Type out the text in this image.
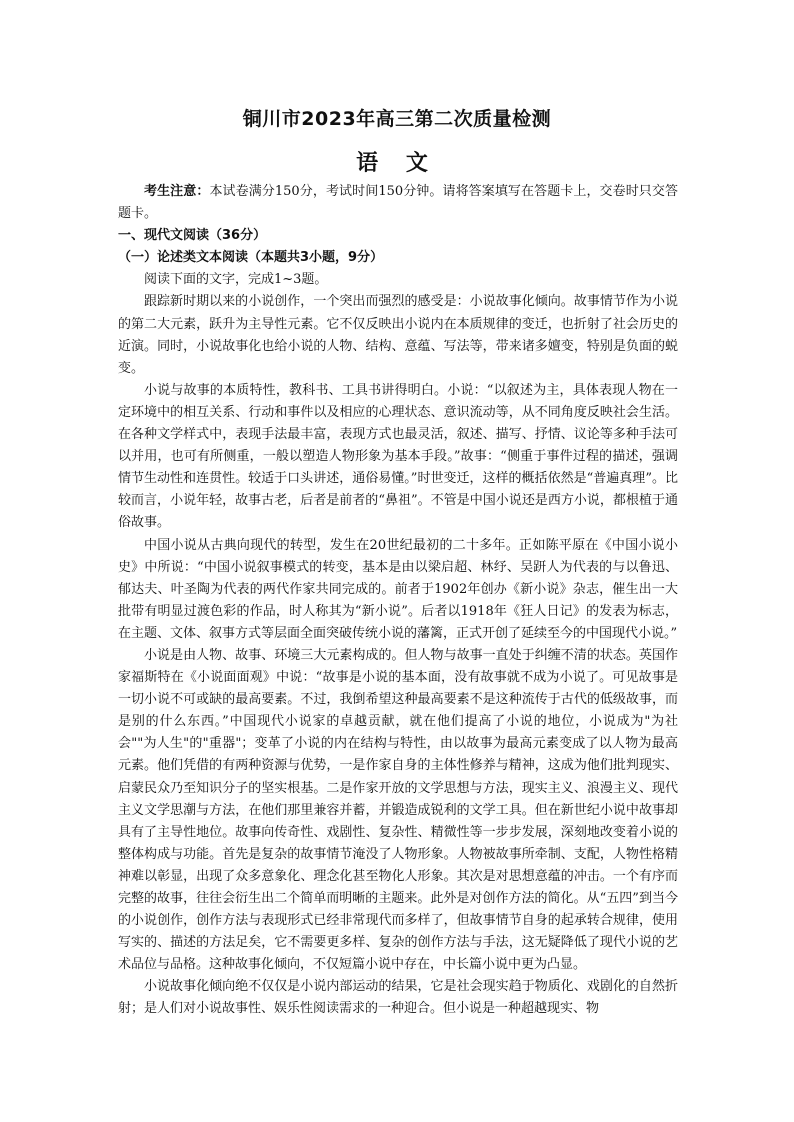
铜川市2023年高三第二次质量检测
语 文

考生注意：本试卷满分150分，考试时间150分钟。请将答案填写在答题卡上，交卷时只交答题卡。

一、现代文阅读（36分）

（一）论述类文本阅读（本题共3小题，9分）

阅读下面的文字，完成1~3题。

跟踪新时期以来的小说创作，一个突出而强烈的感受是：小说故事化倾向。故事情节作为小说的第二大元素，跃升为主导性元素。它不仅反映出小说内在本质规律的变迁，也折射了社会历史的近演。同时，小说故事化也给小说的人物、结构、意蕴、写法等，带来诸多嬗变，特别是负面的蜕变。

小说与故事的本质特性，教科书、工具书讲得明白。小说：“以叙述为主，具体表现人物在一定环境中的相互关系、行动和事件以及相应的心理状态、意识流动等，从不同角度反映社会生活。在各种文学样式中，表现手法最丰富，表现方式也最灵活，叙述、描写、抒情、议论等多种手法可以并用，也可有所侧重，一般以塑造人物形象为基本手段。”故事：“侧重于事件过程的描述，强调情节生动性和连贯性。较适于口头讲述，通俗易懂。”时世变迁，这样的概括依然是“普遍真理”。比较而言，小说年轻，故事古老，后者是前者的“鼻祖”。不管是中国小说还是西方小说，都根植于通俗故事。

中国小说从古典向现代的转型，发生在20世纪最初的二十多年。正如陈平原在《中国小说小史》中所说：“中国小说叙事模式的转变，基本是由以梁启超、林纾、吴趼人为代表的与以鲁迅、郁达夫、叶圣陶为代表的两代作家共同完成的。前者于1902年创办《新小说》杂志，催生出一大批带有明显过渡色彩的作品，时人称其为“新小说”。后者以1918年《狂人日记》的发表为标志，在主题、文体、叙事方式等层面全面突破传统小说的藩篱，正式开创了延续至今的中国现代小说。”

小说是由人物、故事、环境三大元素构成的。但人物与故事一直处于纠缠不清的状态。英国作家福斯特在《小说面面观》中说：“故事是小说的基本面，没有故事就不成为小说了。可见故事是一切小说不可或缺的最高要素。不过，我倒希望这种最高要素不是这种流传于古代的低级故事，而是别的什么东西。”中国现代小说家的卓越贡献，就在他们提高了小说的地位，小说成为"为社会""为人生"的"重器"；变革了小说的内在结构与特性，由以故事为最高元素变成了以人物为最高元素。他们凭借的有两种资源与优势，一是作家自身的主体性修养与精神，这成为他们批判现实、启蒙民众乃至知识分子的坚实根基。二是作家开放的文学思想与方法，现实主义、浪漫主义、现代主义文学思潮与方法，在他们那里兼容并蓄，并锻造成锐利的文学工具。但在新世纪小说中故事却具有了主导性地位。故事向传奇性、戏剧性、复杂性、精微性等一步步发展，深刻地改变着小说的整体构成与功能。首先是复杂的故事情节淹没了人物形象。人物被故事所牵制、支配，人物性格精神难以彰显，出现了众多意象化、理念化甚至物化人形象。其次是对思想意蕴的冲击。一个有序而完整的故事，往往会衍生出二个简单而明晰的主题来。此外是对创作方法的简化。从“五四”到当今的小说创作，创作方法与表现形式已经非常现代而多样了，但故事情节自身的起承转合规律，使用写实的、描述的方法足矣，它不需要更多样、复杂的创作方法与手法，这无疑降低了现代小说的艺术品位与品格。这种故事化倾向，不仅短篇小说中存在，中长篇小说中更为凸显。

小说故事化倾向绝不仅仅是小说内部运动的结果，它是社会现实趋于物质化、戏剧化的自然折射；是人们对小说故事性、娱乐性阅读需求的一种迎合。但小说是一种超越现实、物
